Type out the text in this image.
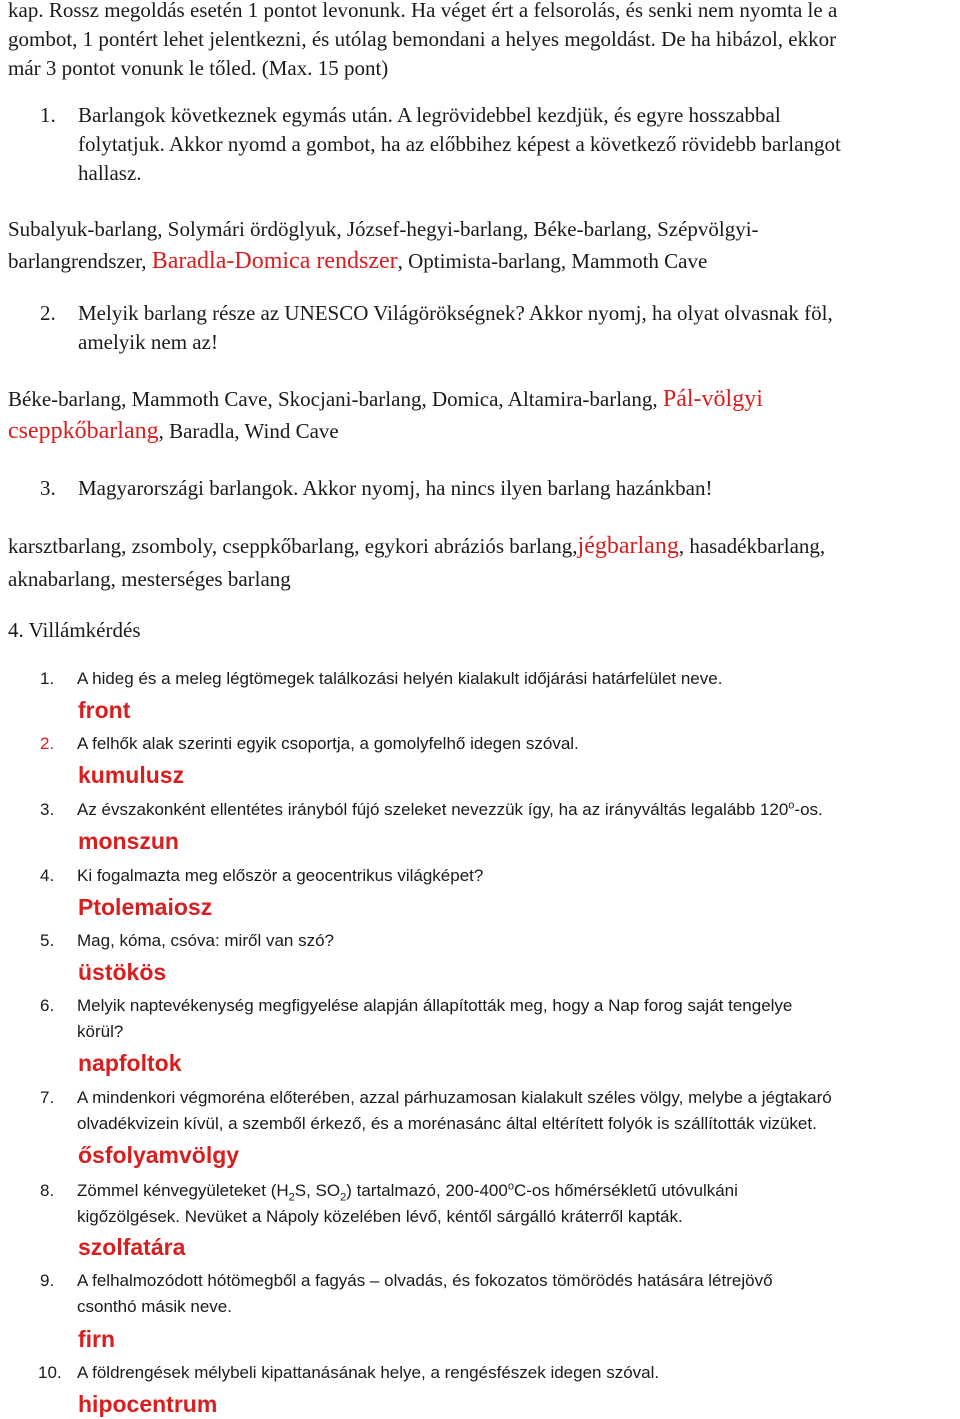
kap. Rossz megoldás esetén 1 pontot levonunk. Ha véget ért a felsorolás, és senki nem nyomta le a
gombot, 1 pontért lehet jelentkezni, és utólag bemondani a helyes megoldást. De ha hibázol, ekkor
már 3 pontot vonunk le tőled. (Max. 15 pont)
1.	Barlangok következnek egymás után. A legrövidebbel kezdjük, és egyre hosszabbal
folytatjuk. Akkor nyomd a gombot, ha az előbbihez képest a következő rövidebb barlangot
hallasz.
Subalyuk-barlang, Solymári ördöglyuk, József-hegyi-barlang, Béke-barlang, Szépvölgyi-
barlangrendszer, Baradla-Domica rendszer, Optimista-barlang, Mammoth Cave
2.	Melyik barlang része az UNESCO Világörökségnek? Akkor nyomj, ha olyat olvasnak föl,
amelyik nem az!
Béke-barlang, Mammoth Cave, Skocjani-barlang, Domica, Altamira-barlang, Pál-völgyi
cseppkőbarlang, Baradla, Wind Cave
3.	Magyarországi barlangok. Akkor nyomj, ha nincs ilyen barlang hazánkban!
karsztbarlang, zsomboly, cseppkőbarlang, egykori abráziós barlang,jégbarlang, hasadékbarlang,
aknabarlang, mesterséges barlang
4. Villámkérdés
1.	A hideg és a meleg légtömegek találkozási helyén kialakult időjárási határfelület neve.
front
2.	A felhők alak szerinti egyik csoportja, a gomolyfelhő idegen szóval.
kumulusz
3.	Az évszakonként ellentétes irányból fújó szeleket nevezzük így, ha az irányváltás legalább 120$^o$-os.
monszun
4.	Ki fogalmazta meg először a geocentrikus világképet?
Ptolemaiosz
5.	Mag, kóma, csóva: miről van szó?
üstökös
6.	Melyik naptevékenység megfigyelése alapján állapították meg, hogy a Nap forog saját tengelye
körül?
napfoltok
7.	A mindenkori végmoréna előterében, azzal párhuzamosan kialakult széles völgy, melybe a jégtakaró
olvadékvizein kívül, a szemből érkező, és a morénasánc által eltérített folyók is szállították vizüket.
ősfolyamvölgy
8.	Zömmel kénvegyületeket ($H_2S$, $SO_2$) tartalmazó, 200-400$^o$C-os hőmérsékletű utóvulkáni
kigőzölgések. Nevüket a Nápoly közelében lévő, kéntől sárgálló kráterről kapták.
szolfatára
9.	A felhalmozódott hótömegből a fagyás – olvadás, és fokozatos tömörödés hatására létrejövő
csonthó másik neve.
firn
10. A földrengések mélybeli kipattanásának helye, a rengésfészek idegen szóval.
hipocentrum
